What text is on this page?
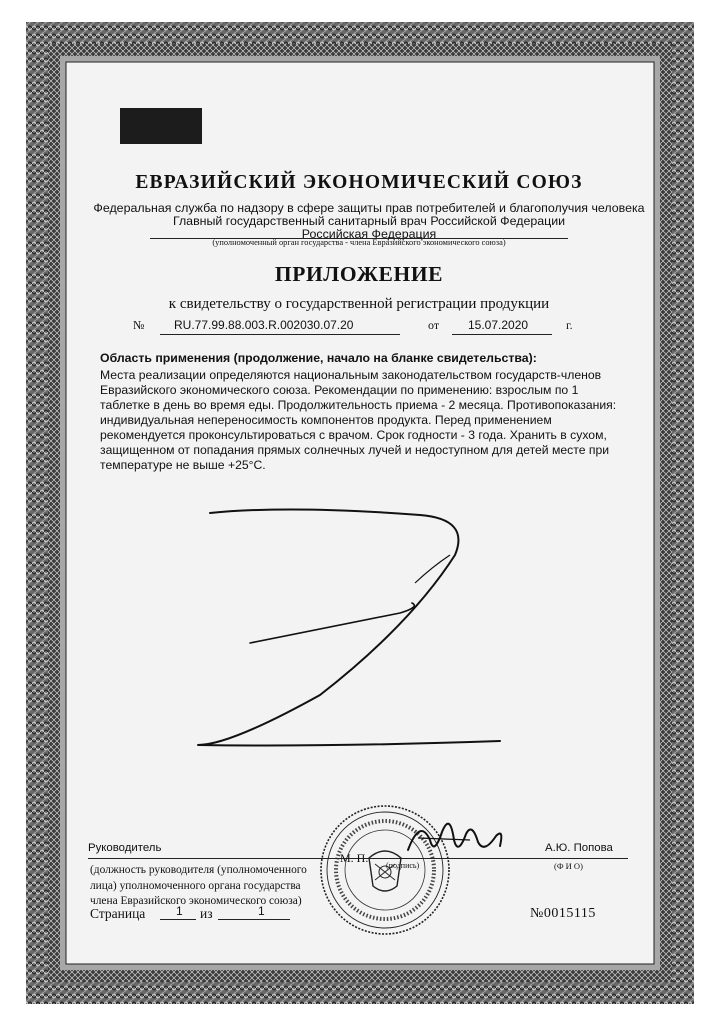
ЕВРАЗИЙСКИЙ ЭКОНОМИЧЕСКИЙ СОЮЗ
Федеральная служба по надзору в сфере защиты прав потребителей и благополучия человека
Главный государственный санитарный врач Российской Федерации
Российская Федерация
(уполномоченный орган государства - члена Евразийского экономического союза)
ПРИЛОЖЕНИЕ
к свидетельству о государственной регистрации продукции
№ RU.77.99.88.003.R.002030.07.20	от 15.07.2020	г.
Область применения (продолжение, начало на бланке свидетельства):

Места реализации определяются национальным законодательством государств-членов Евразийского экономического союза. Рекомендации по применению: взрослым по 1 таблетке в день во время еды. Продолжительность приема - 2 месяца. Противопоказания: индивидуальная непереносимость компонентов продукта. Перед применением рекомендуется проконсультироваться с врачом. Срок годности - 3 года. Хранить в сухом, защищенном от попадания прямых солнечных лучей и недоступном для детей месте при температуре не выше +25°C.

Руководитель	А.Ю. Попова
М. П.
(подпись)	(Ф И О)
(должность руководителя (уполномоченного
лица) уполномоченного органа государства
члена Евразийского экономического союза)
Страница	1 из	1	№0015115
